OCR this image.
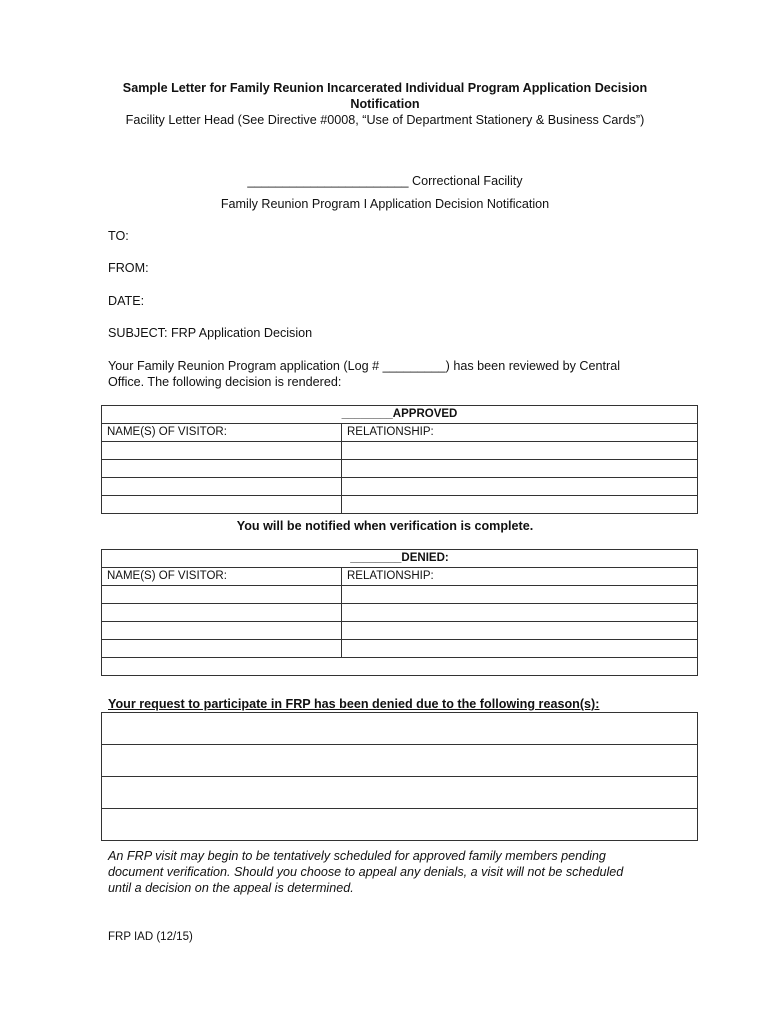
Sample Letter for Family Reunion Incarcerated Individual Program Application Decision
Notification
Facility Letter Head (See Directive #0008, “Use of Department Stationery & Business Cards”)
_______________________ Correctional Facility
Family Reunion Program I Application Decision Notification
TO:
FROM:
DATE:
SUBJECT: FRP Application Decision
Your Family Reunion Program application (Log # _________) has been reviewed by Central
Office. The following decision is rendered:
________APPROVED	
NAME(S) OF VISITOR:	RELATIONSHIP:

You will be notified when verification is complete.
________DENIED:	
NAME(S) OF VISITOR:	RELATIONSHIP:

Your request to participate in FRP has been denied due to the following reason(s):

An FRP visit may begin to be tentatively scheduled for approved family members pending
document verification. Should you choose to appeal any denials, a visit will not be scheduled
until a decision on the appeal is determined.
FRP IAD (12/15)
